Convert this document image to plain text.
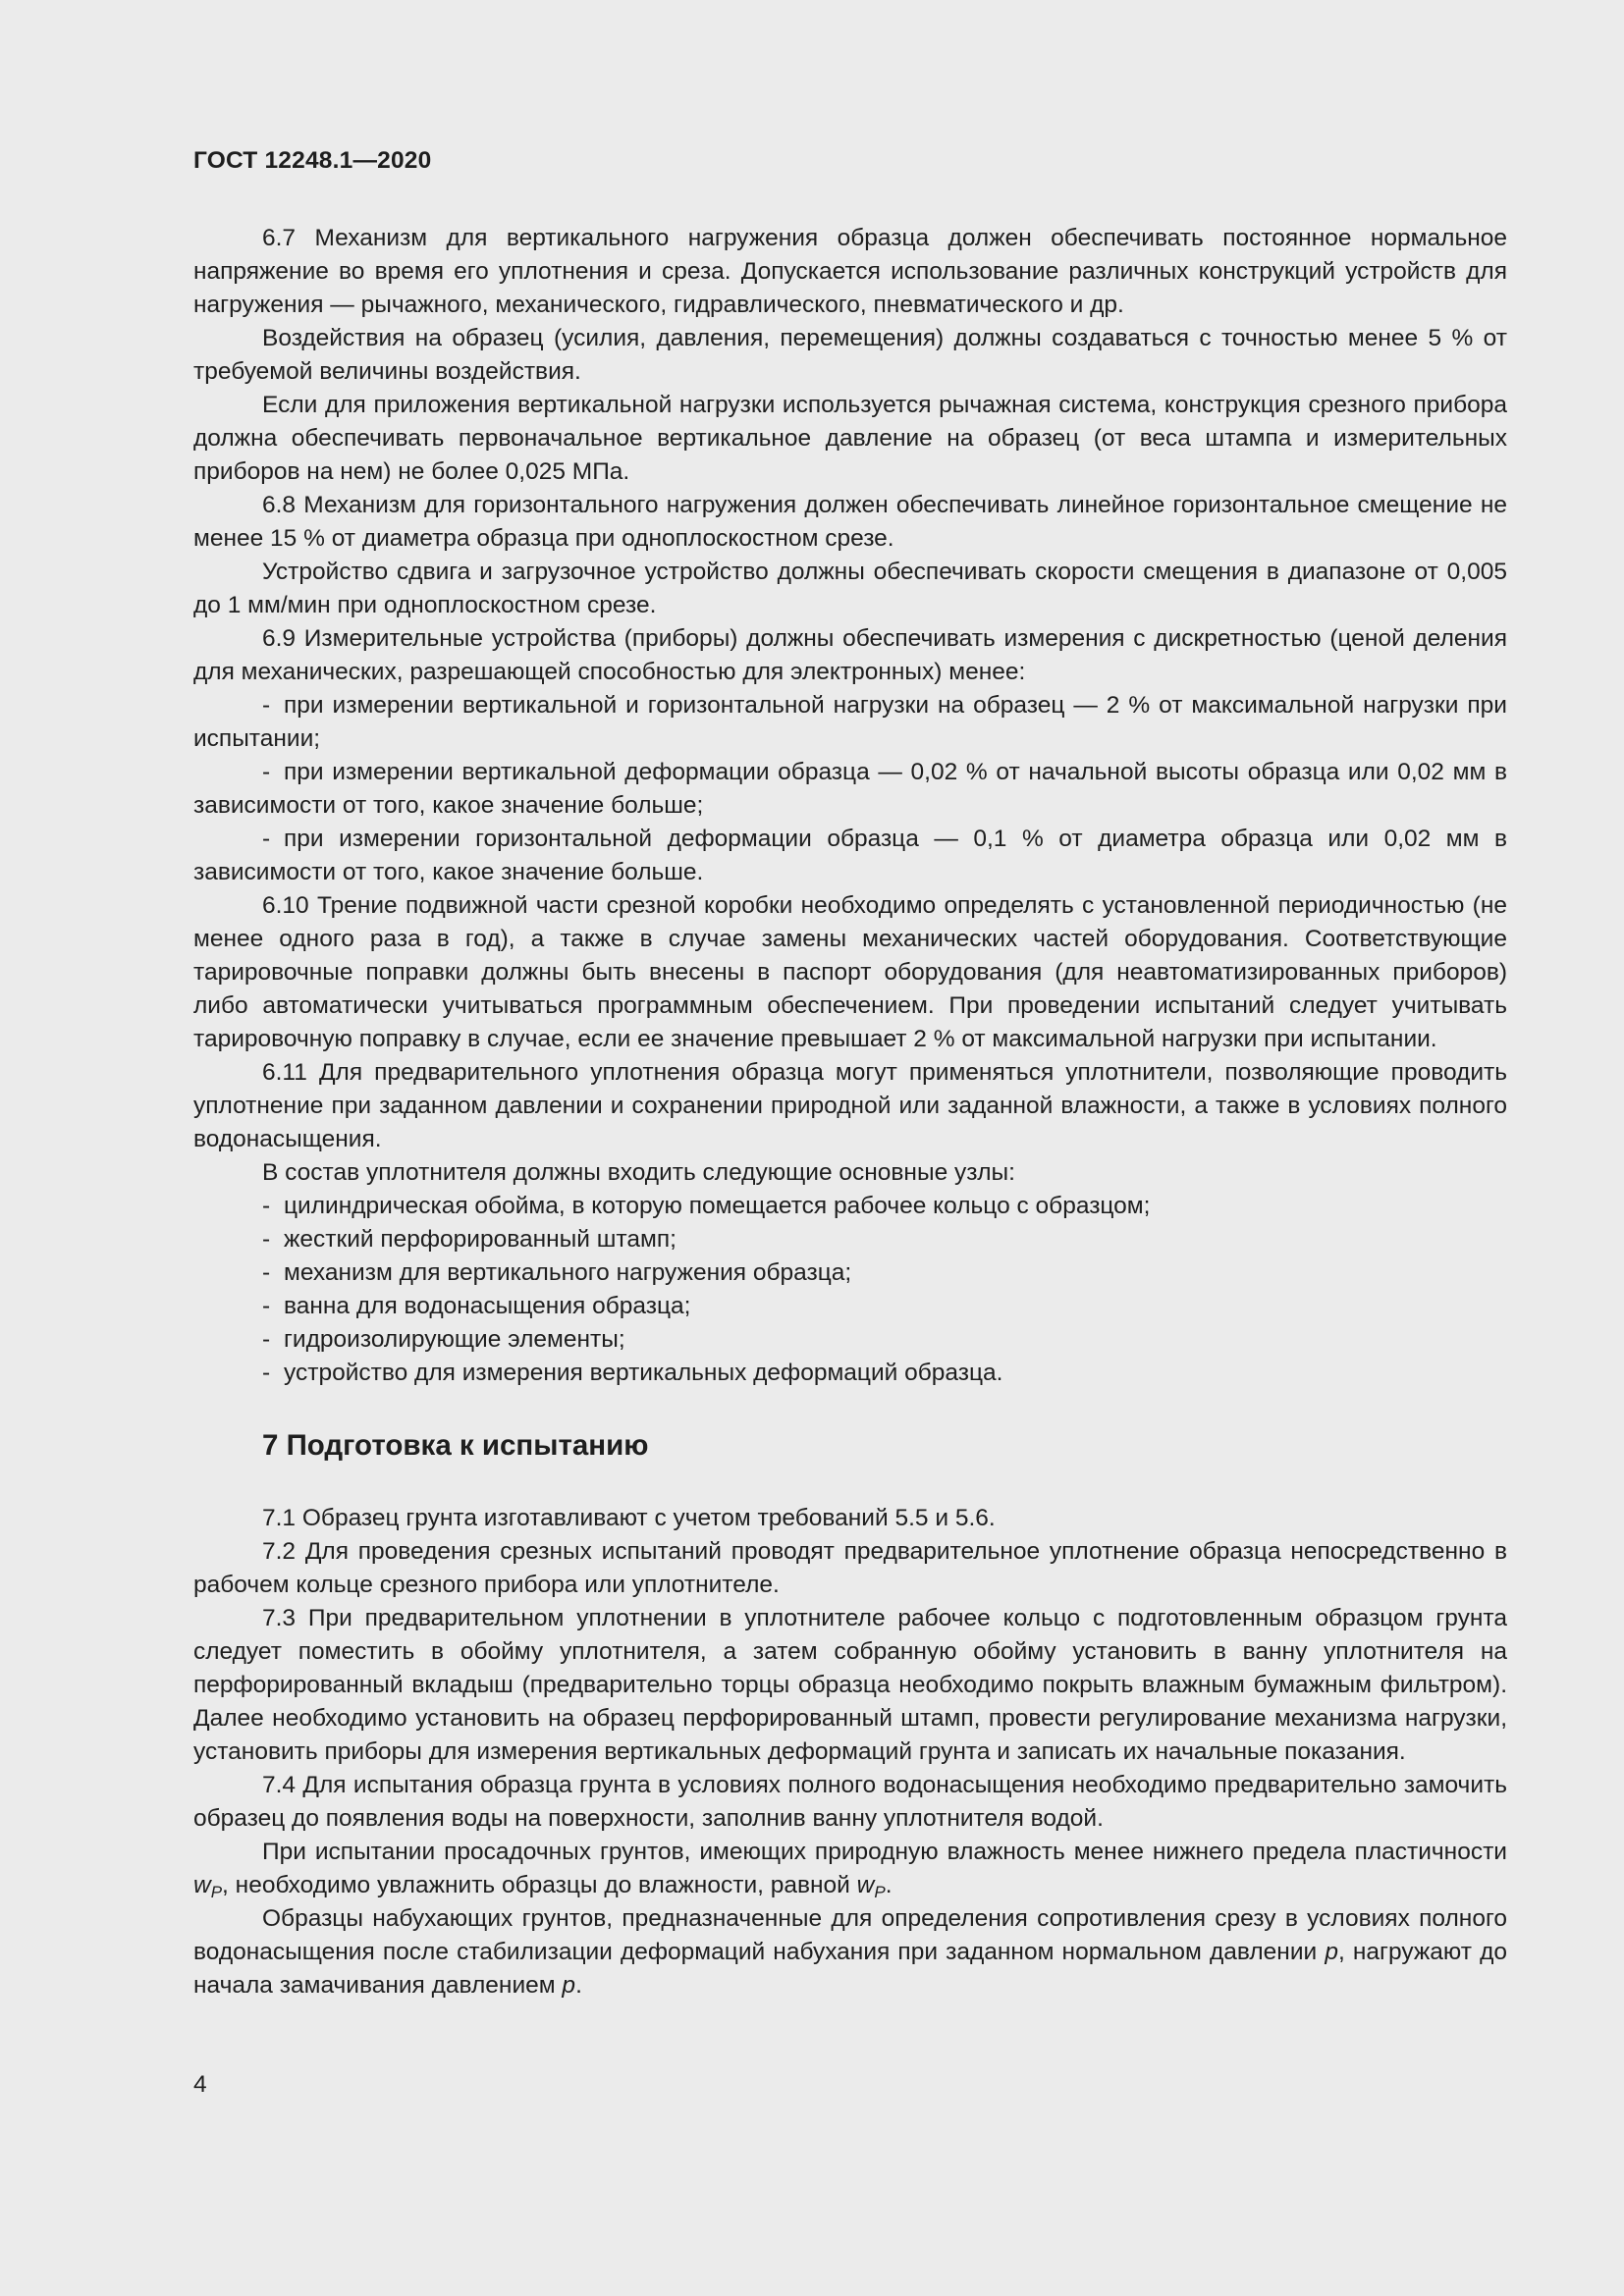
ГОСТ 12248.1—2020

6.7 Механизм для вертикального нагружения образца должен обеспечивать постоянное нормальное напряжение во время его уплотнения и среза. Допускается использование различных конструкций устройств для нагружения — рычажного, механического, гидравлического, пневматического и др.

Воздействия на образец (усилия, давления, перемещения) должны создаваться с точностью менее 5 % от требуемой величины воздействия.

Если для приложения вертикальной нагрузки используется рычажная система, конструкция срезного прибора должна обеспечивать первоначальное вертикальное давление на образец (от веса штампа и измерительных приборов на нем) не более 0,025 МПа.

6.8 Механизм для горизонтального нагружения должен обеспечивать линейное горизонтальное смещение не менее 15 % от диаметра образца при одноплоскостном срезе.

Устройство сдвига и загрузочное устройство должны обеспечивать скорости смещения в диапазоне от 0,005 до 1 мм/мин при одноплоскостном срезе.

6.9 Измерительные устройства (приборы) должны обеспечивать измерения с дискретностью (ценой деления для механических, разрешающей способностью для электронных) менее:

- при измерении вертикальной и горизонтальной нагрузки на образец — 2 % от максимальной нагрузки при испытании;

- при измерении вертикальной деформации образца — 0,02 % от начальной высоты образца или 0,02 мм в зависимости от того, какое значение больше;

- при измерении горизонтальной деформации образца — 0,1 % от диаметра образца или 0,02 мм в зависимости от того, какое значение больше.

6.10 Трение подвижной части срезной коробки необходимо определять с установленной периодичностью (не менее одного раза в год), а также в случае замены механических частей оборудования. Соответствующие тарировочные поправки должны быть внесены в паспорт оборудования (для неавтоматизированных приборов) либо автоматически учитываться программным обеспечением. При проведении испытаний следует учитывать тарировочную поправку в случае, если ее значение превышает 2 % от максимальной нагрузки при испытании.

6.11 Для предварительного уплотнения образца могут применяться уплотнители, позволяющие проводить уплотнение при заданном давлении и сохранении природной или заданной влажности, а также в условиях полного водонасыщения.

В состав уплотнителя должны входить следующие основные узлы:

- цилиндрическая обойма, в которую помещается рабочее кольцо с образцом;

- жесткий перфорированный штамп;

- механизм для вертикального нагружения образца;

- ванна для водонасыщения образца;

- гидроизолирующие элементы;

- устройство для измерения вертикальных деформаций образца.

7 Подготовка к испытанию

7.1 Образец грунта изготавливают с учетом требований 5.5 и 5.6.

7.2 Для проведения срезных испытаний проводят предварительное уплотнение образца непосредственно в рабочем кольце срезного прибора или уплотнителе.

7.3 При предварительном уплотнении в уплотнителе рабочее кольцо с подготовленным образцом грунта следует поместить в обойму уплотнителя, а затем собранную обойму установить в ванну уплотнителя на перфорированный вкладыш (предварительно торцы образца необходимо покрыть влажным бумажным фильтром). Далее необходимо установить на образец перфорированный штамп, провести регулирование механизма нагрузки, установить приборы для измерения вертикальных деформаций грунта и записать их начальные показания.

7.4 Для испытания образца грунта в условиях полного водонасыщения необходимо предварительно замочить образец до появления воды на поверхности, заполнив ванну уплотнителя водой.

При испытании просадочных грунтов, имеющих природную влажность менее нижнего предела пластичности $w_P$, необходимо увлажнить образцы до влажности, равной $w_P$.

Образцы набухающих грунтов, предназначенные для определения сопротивления срезу в условиях полного водонасыщения после стабилизации деформаций набухания при заданном нормальном давлении p, нагружают до начала замачивания давлением p.

4
